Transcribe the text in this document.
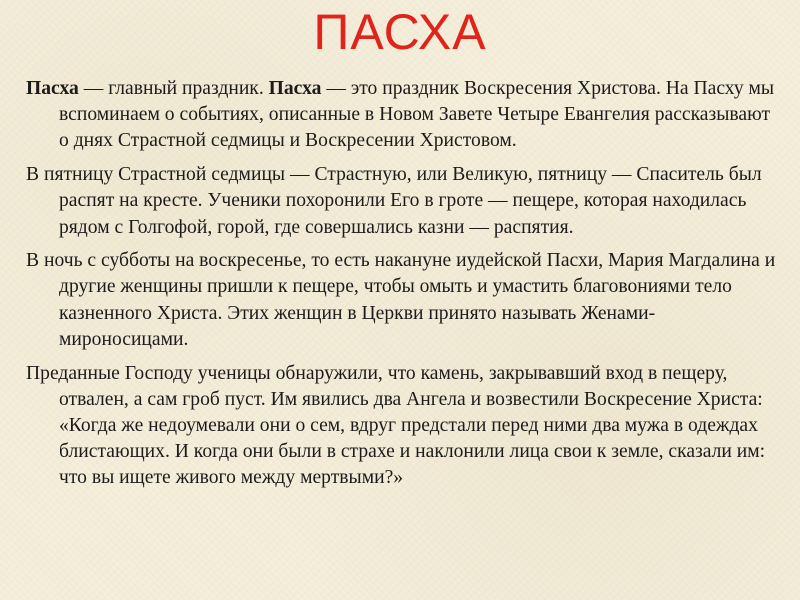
ПАСХА

Пасха — главный праздник. Пасха — это праздник Воскресения Христова. На Пасху мы вспоминаем о событиях, описанные в Новом Завете Четыре Евангелия рассказывают о днях Страстной седмицы и Воскресении Христовом.

В пятницу Страстной седмицы — Страстную, или Великую, пятницу — Спаситель был распят на кресте. Ученики похоронили Его в гроте — пещере, которая находилась рядом с Голгофой, горой, где совершались казни — распятия.

В ночь с субботы на воскресенье, то есть накануне иудейской Пасхи, Мария Магдалина и другие женщины пришли к пещере, чтобы омыть и умастить благовониями тело казненного Христа. Этих женщин в Церкви принято называть Женами-мироносицами.

Преданные Господу ученицы обнаружили, что камень, закрывавший вход в пещеру, отвален, а сам гроб пуст. Им явились два Ангела и возвестили Воскресение Христа: «Когда же недоумевали они о сем, вдруг предстали перед ними два мужа в одеждах блистающих. И когда они были в страхе и наклонили лица свои к земле, сказали им: что вы ищете живого между мертвыми?»
